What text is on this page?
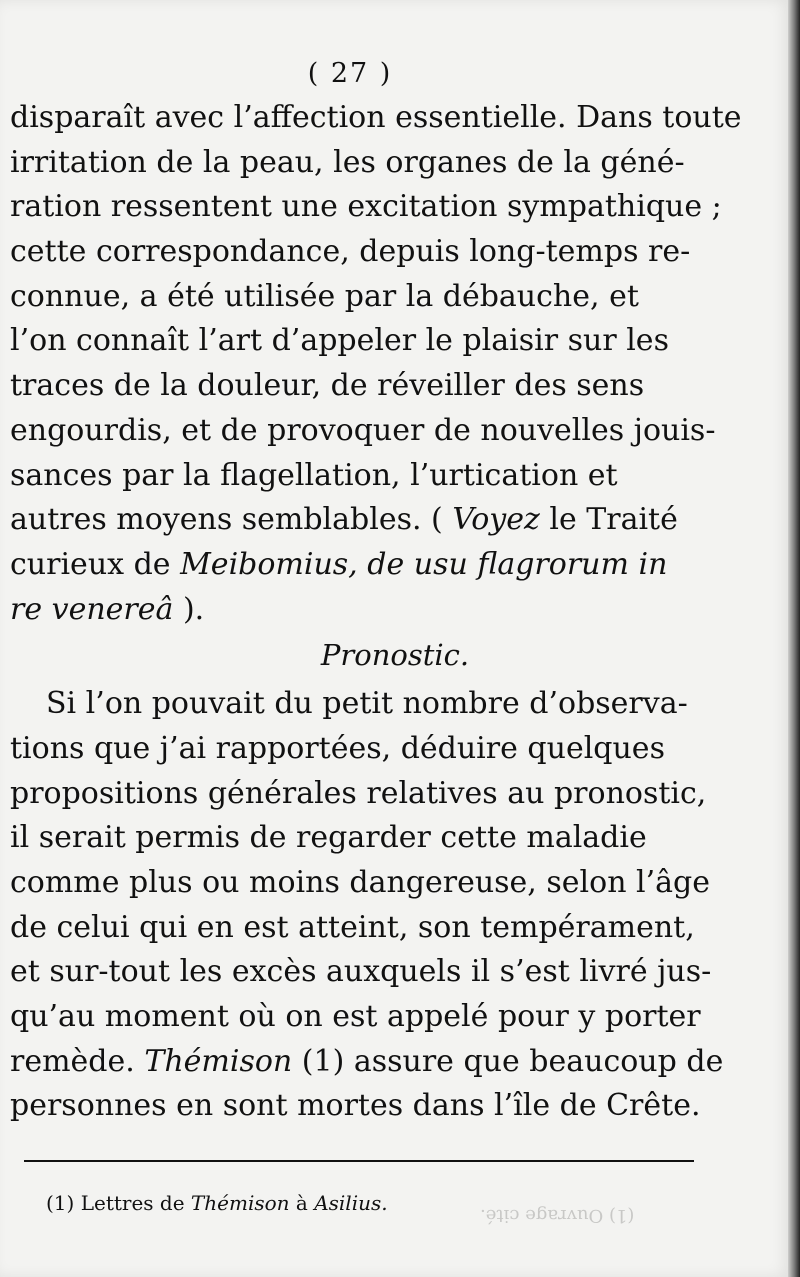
( 27 )
disparaît avec l’affection essentielle. Dans toute
irritation de la peau, les organes de la géné-
ration ressentent une excitation sympathique ;
cette correspondance, depuis long-temps re-
connue, a été utilisée par la débauche, et
l’on connaît l’art d’appeler le plaisir sur les
traces de la douleur, de réveiller des sens
engourdis, et de provoquer de nouvelles jouis-
sances par la flagellation, l’urtication et
autres moyens semblables. (
Voyez
le Traité
curieux de
Meibomius, de usu flagrorum in
re venereâ
).
Pronostic.
Si l’on pouvait du petit nombre d’observa-
tions que j’ai rapportées, déduire quelques
propositions générales relatives au pronostic,
il serait permis de regarder cette maladie
comme plus ou moins dangereuse, selon l’âge
de celui qui en est atteint, son tempérament,
et sur-tout les excès auxquels il s’est livré jus-
qu’au moment où on est appelé pour y porter
remède.
Thémison
(1) assure que beaucoup de
personnes en sont mortes dans l’île de Crête.
(1) Lettres de Thémison à Asilius.
(1) Ouvrage cité.
